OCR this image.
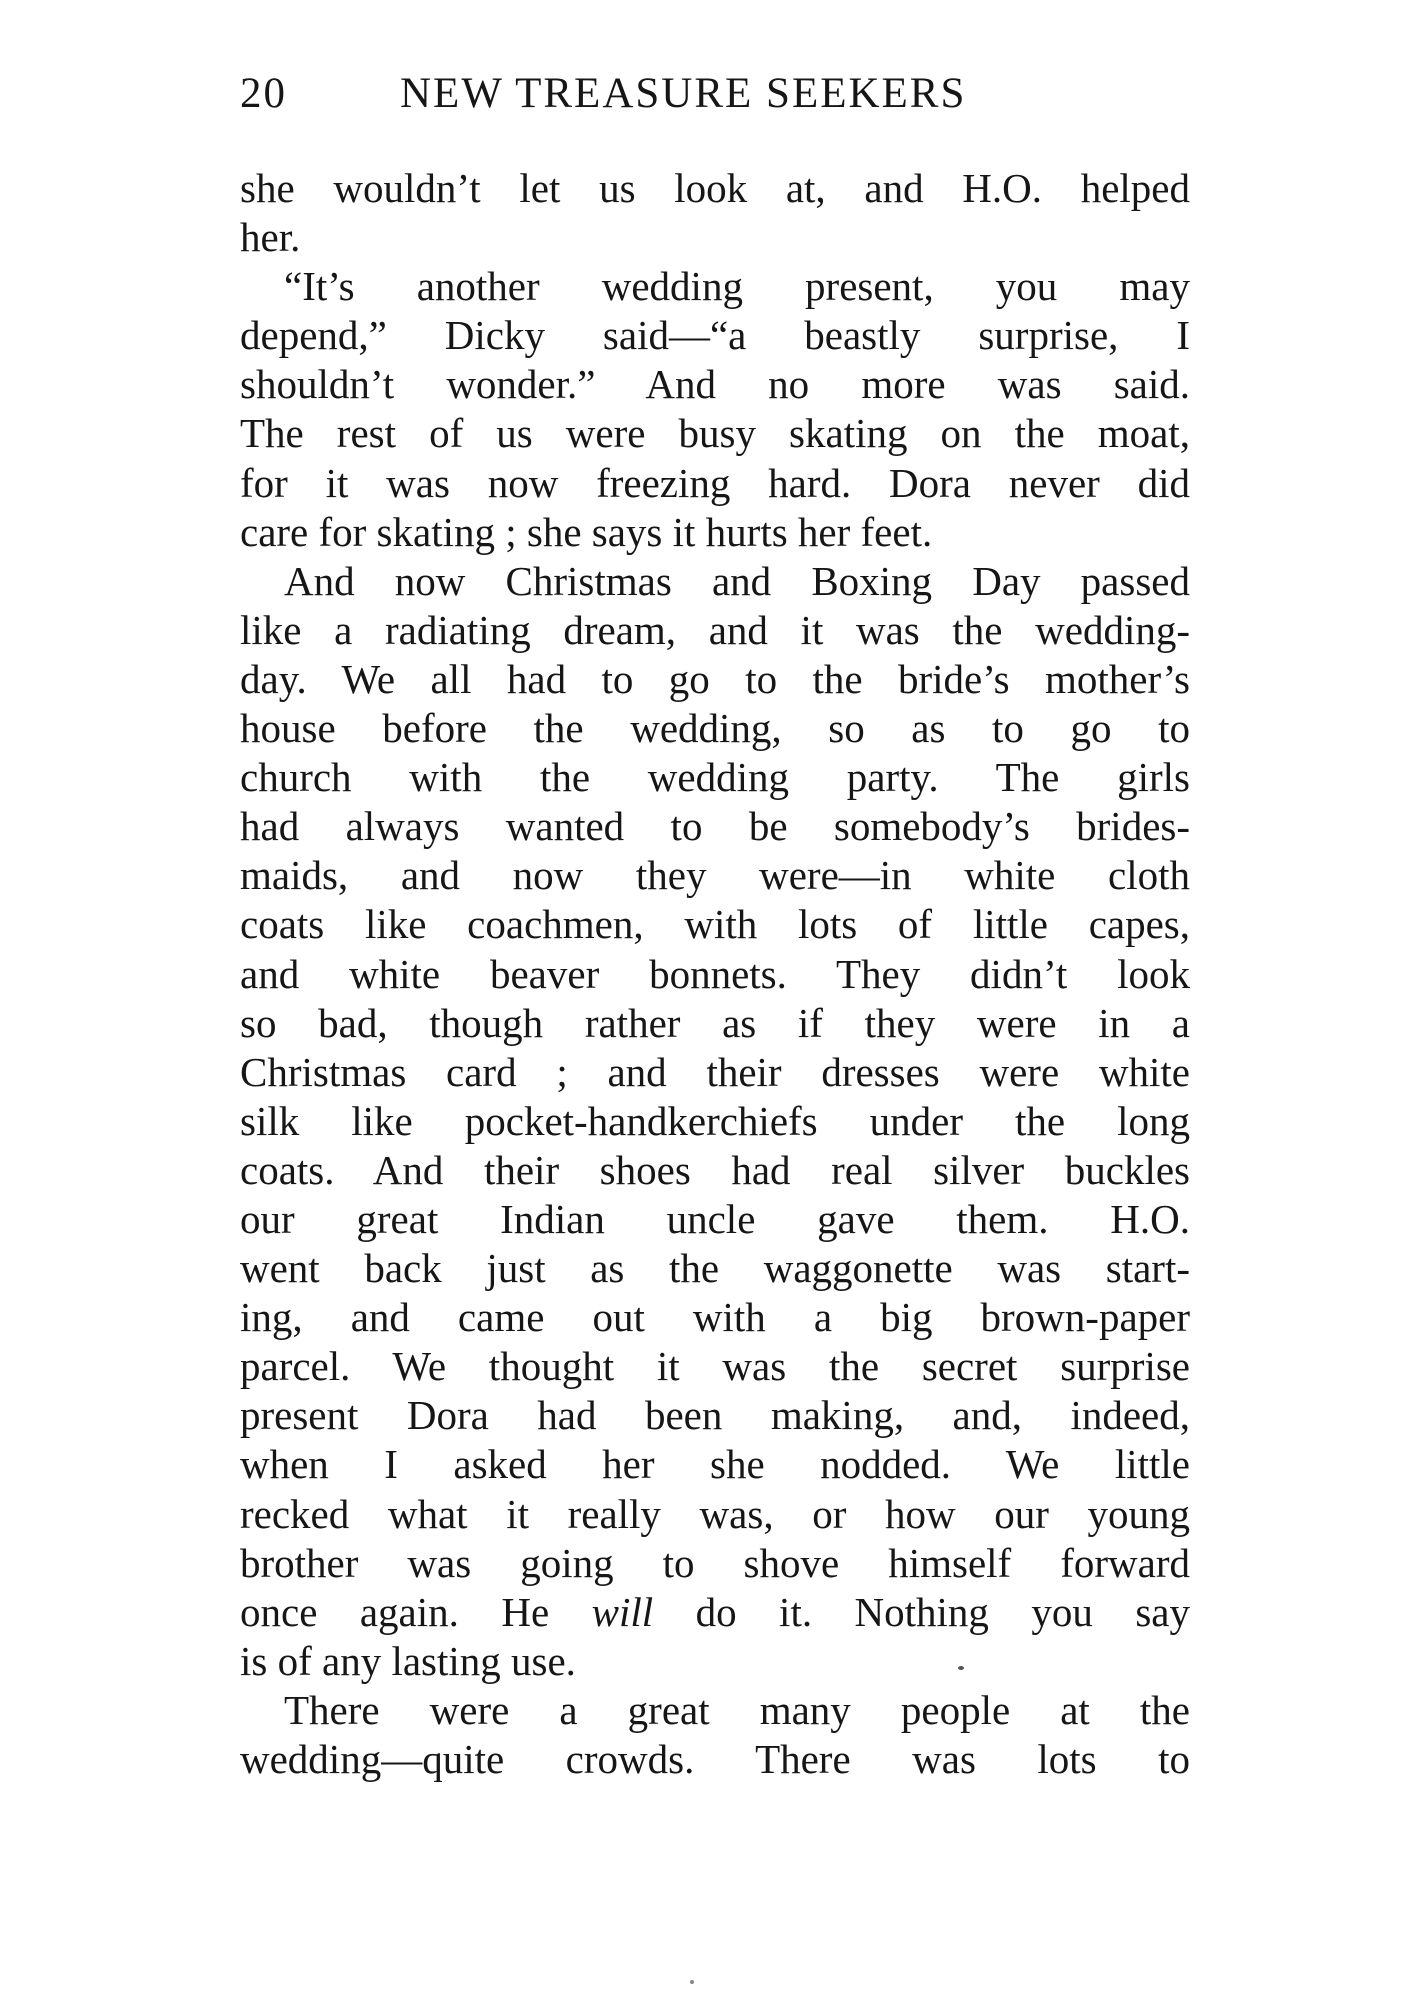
20	NEW TREASURE SEEKERS
she wouldn’t let us look at, and H.O. helped
her.
“It’s another wedding present, you may
depend,” Dicky said—“a beastly surprise, I
shouldn’t wonder.” And no more was said.
The rest of us were busy skating on the moat,
for it was now freezing hard. Dora never did
care for skating ; she says it hurts her feet.
And now Christmas and Boxing Day passed
like a radiating dream, and it was the wedding-
day. We all had to go to the bride’s mother’s
house before the wedding, so as to go to
church with the wedding party. The girls
had always wanted to be somebody’s brides-
maids, and now they were—in white cloth
coats like coachmen, with lots of little capes,
and white beaver bonnets. They didn’t look
so bad, though rather as if they were in a
Christmas card ; and their dresses were white
silk like pocket-handkerchiefs under the long
coats. And their shoes had real silver buckles
our great Indian uncle gave them. H.O.
went back just as the waggonette was start-
ing, and came out with a big brown-paper
parcel. We thought it was the secret surprise
present Dora had been making, and, indeed,
when I asked her she nodded. We little
recked what it really was, or how our young
brother was going to shove himself forward
once again. He will do it. Nothing you say
is of any lasting use.
There were a great many people at the
wedding—quite crowds. There was lots to
